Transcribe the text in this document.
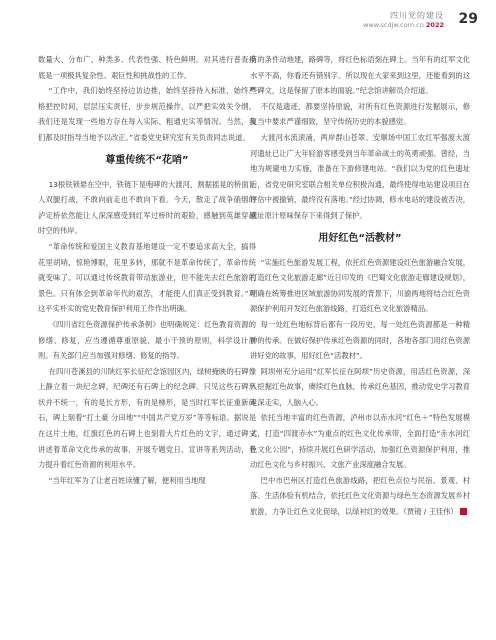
四川党的建设
www.scdjw.com.cn 2022 29

数量大、分布广、种类多、代表性强、特色鲜明。对其进行普查摸底是一项极具复杂性、艰巨性和挑战性的工作。

“工作中，我们始终坚持边访边推，始终坚持待入标准，始终严格把控时间，层层压实责任，步步规范操作，以严把实效关令纲，我们还是发现一些地方存在每入实际、粗通史实等情况。当然，我们都及时指导当地予以改正。”省委党史研究室有关负责同志说道。

尊重传统不“花哨”

13根铁锁悬在空中，铁链下是咆哮的大渡河，割据摇晃的桥面让人双腿打战，不敢向前走也不敢向下看。今天，散走了战争硝烟的泸定桥依然能让人深深感受到红军过桥时的艰险，感触到英雄穿越时空的伟岸。

“革命传统和爱国主义教育基地建设一定不要追求高大全，搞得花里胡哨，惊艳博眼，花里多转，那就不是革命传统了，革命传统就变味了。可以通过传统教育带动旅游业，但不能先去红色旅游的景色。只有体会到革命年代的艰苦，才能使人们真正受到教育。”对这平实朴实的党史教育保护利用工作作出明确。

《四川省红色资源保护传承条例》也明确规定：红色教育资源的修缮、修复，应当遵循尊重原貌、最小干预的原则，科学设计原则。有关部门应当加强对修缮、修复的指导。

在四川苍溪县的川陕红军长征纪念馆园区内，绿树掩映的石碑像上静立着一块纪念碑，纪碑还有石碑上的纪念碑。只见这些石碑形状并不统一，有的是长方形，有的是梯形，是当时红军长征重新碑石，碑上刻着“打土豪 分田地”“中国共产党万岁”等等标语。据说是在这片土地，红旗红色的石碑上也刻着大片红色的文字，通过碑文讲述着革命文化传承的故事，开展专题党日、宣讲等系列活动，着力提升着红色资源的利用水平。

“当年红军为了让老百姓读懂了解，便利用当地现

有的条件动地建，路碑等，将红色标语刻在碑上。当年有的红军文化水平不高，你看还有错别字。所以现在大家来到这里，还能看到的这些碑文，这是保留了原本的面貌。”纪念馆讲解员介绍道。

不仅是遗迹，都要坚持原貌，对所有红色资源进行发掘展示，修复当中要求严谨细致，坚守传统历史的本貌感觉。

大渡河水流滚涌，两岸群山苍翠。安顺场中国工农红军强渡大渡河遗址已让广大年轻游客感受到当年革命战士的英勇顽强。曾经，当地为规避电力实施，准备在下游修建电站。“我们以为党的红色遗址后，省党史研究室联合相关单位积极沟通，最终使得电站建设项目在评估中被撤销，最终没有落地。”经过协调，修水电站的建设被否决，遗址原汁原味保存下来得到了保护。

用好红色“活教材”

“实施红色旅游发展工程，依托红色资源建设红色旅游融合发展，打造红色文化旅游走廊”近日印发的《巴蜀文化旅游走廊建设规划》，明确在统筹推进区域旅游协同发展的背景下，川渝两地将结合红色资源保护利用开发红色旅游线路，打造红色文化旅游精品。

每一处红色地标背后都有一段历史，每一处红色资源都是一种精神的传承。在做好保护传承红色资源的同时，各地各部门用红色资源讲好党的故事，用好红色“活教材”。

阿坝州充分运用“红军长征在阿坝”历史资源，用活红色资源，深入挖掘红色故事，赓续红色血脉，传承红色基因，推动党史学习教育走深走实，人脑入心。

依托当地丰富的红色资源，泸州市以赤水河“红色＋”特色发展模式，打造“四渡赤水”为重点的红色文化传承带，全面打造“赤水河红色文化公园”，持续开展红色研学活动，加强红色资源保护利用，推动红色文化与乡村振兴、文旅产业深度融合发展。

巴中市巴州区打造红色旅游线路，把红色点位与民宿、景观、村落、生活体验有机结合，依托红色文化资源与绿色生态资源发展乡村旅游，力争让红色文化促绿，以绿衬红的效果。（贾镜 / 王佳伟）
